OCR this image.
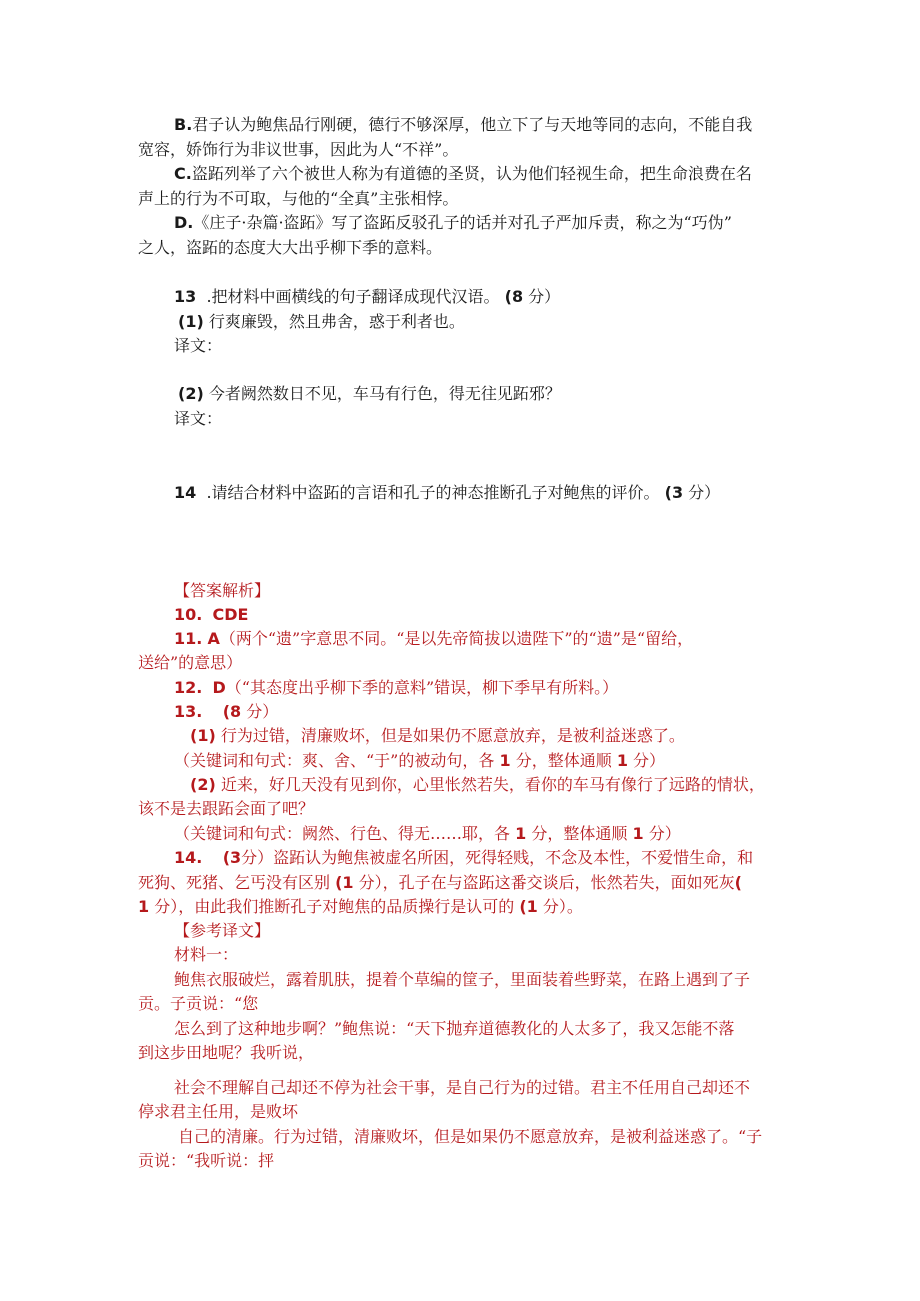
B.君子认为鲍焦品行刚硬，德行不够深厚，他立下了与天地等同的志向，不能自我
宽容，娇饰行为非议世事，因此为人“不祥”。
C.盗跖列举了六个被世人称为有道德的圣贤，认为他们轻视生命，把生命浪费在名
声上的行为不可取，与他的“全真”主张相悖。
D.《庄子·杂篇·盗跖》写了盗跖反驳孔子的话并对孔子严加斥责，称之为“巧伪”
之人，盗跖的态度大大出乎柳下季的意料。
13 .把材料中画横线的句子翻译成现代汉语。 (8 分）
(1) 行爽廉毁，然且弗舍，惑于利者也。
译文：
(2) 今者阙然数日不见，车马有行色，得无往见跖邪？
译文：
14 .请结合材料中盗跖的言语和孔子的神态推断孔子对鲍焦的评价。 (3 分）
【答案解析】
10. CDE
11. A（两个“遗”字意思不同。“是以先帝简拔以遗陛下”的“遗”是“留给，
送给”的意思）
12. D（“其态度出乎柳下季的意料”错误，柳下季早有所料。）
13. (8 分）
(1) 行为过错，清廉败坏，但是如果仍不愿意放弃，是被利益迷惑了。
（关键词和句式：爽、舍、“于”的被动句，各 1 分，整体通顺 1 分）
(2) 近来，好几天没有见到你，心里怅然若失，看你的车马有像行了远路的情状，
该不是去跟跖会面了吧？
（关键词和句式：阙然、行色、得无……耶，各 1 分，整体通顺 1 分）
14. (3分）盗跖认为鲍焦被虚名所困，死得轻贱，不念及本性，不爱惜生命，和
死狗、死猪、乞丐没有区别 (1 分），孔子在与盗跖这番交谈后，怅然若失，面如死灰(
1 分），由此我们推断孔子对鲍焦的品质操行是认可的 (1 分）。
【参考译文】
材料一：
鲍焦衣服破烂，露着肌肤，提着个草编的筐子，里面装着些野菜，在路上遇到了子
贡。子贡说：“您
怎么到了这种地步啊？”鲍焦说：“天下抛弃道德教化的人太多了，我又怎能不落
到这步田地呢？我听说，
社会不理解自己却还不停为社会干事，是自己行为的过错。君主不任用自己却还不
停求君主任用，是败坏
自己的清廉。行为过错，清廉败坏，但是如果仍不愿意放弃，是被利益迷惑了。“子
贡说：“我听说：抨
